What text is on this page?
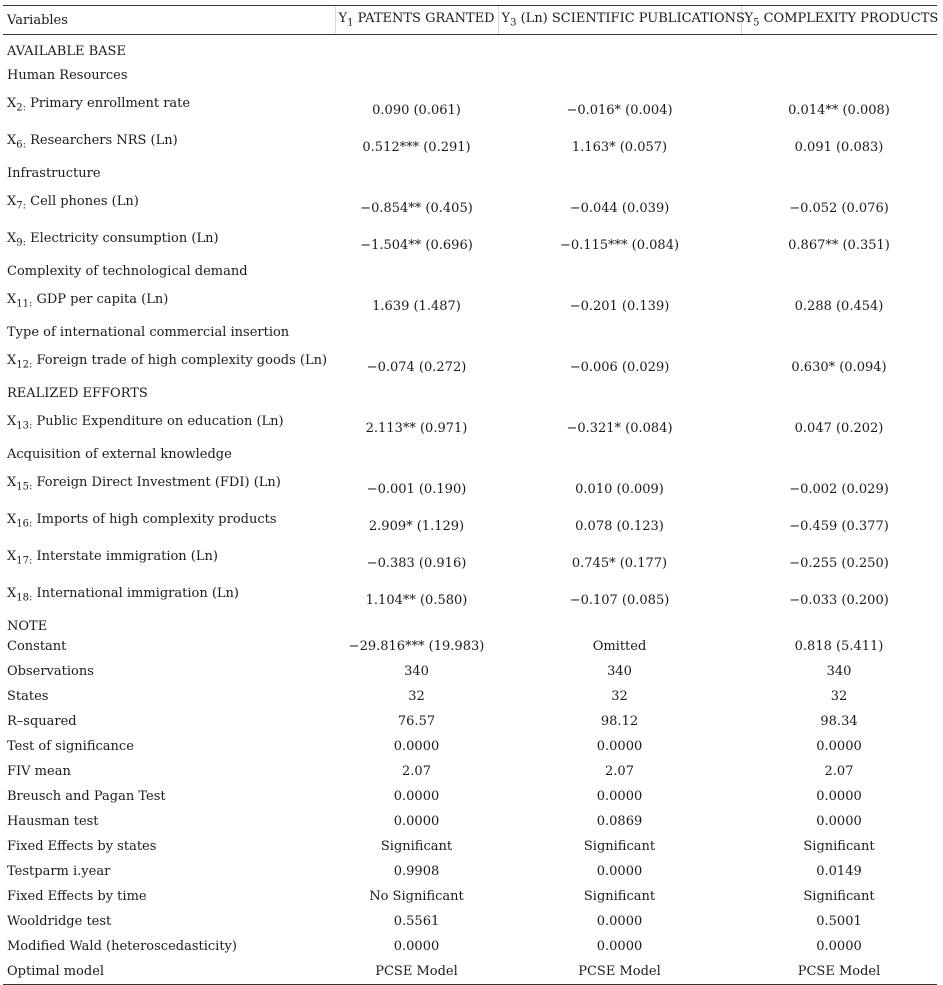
Variables	$Y_1$ PATENTS GRANTED	$Y_3$ (Ln) SCIENTIFIC PUBLICATIONS	$Y_5$ COMPLEXITY PRODUCTS
AVAILABLE BASE			
Human Resources			
$X_{2:}$ Primary enrollment rate	0.090 (0.061)	−0.016* (0.004)	0.014** (0.008)
$X_{6:}$ Researchers NRS (Ln)	0.512*** (0.291)	1.163* (0.057)	0.091 (0.083)
Infrastructure			
$X_{7:}$ Cell phones (Ln)	−0.854** (0.405)	−0.044 (0.039)	−0.052 (0.076)
$X_{9:}$ Electricity consumption (Ln)	−1.504** (0.696)	−0.115*** (0.084)	0.867** (0.351)
Complexity of technological demand			
$X_{11:}$ GDP per capita (Ln)	1.639 (1.487)	−0.201 (0.139)	0.288 (0.454)
Type of international commercial insertion			
$X_{12:}$ Foreign trade of high complexity goods (Ln)	−0.074 (0.272)	−0.006 (0.029)	0.630* (0.094)
REALIZED EFFORTS			
$X_{13:}$ Public Expenditure on education (Ln)	2.113** (0.971)	−0.321* (0.084)	0.047 (0.202)
Acquisition of external knowledge			
$X_{15:}$ Foreign Direct Investment (FDI) (Ln)	−0.001 (0.190)	0.010 (0.009)	−0.002 (0.029)
$X_{16:}$ Imports of high complexity products	2.909* (1.129)	0.078 (0.123)	−0.459 (0.377)
$X_{17:}$ Interstate immigration (Ln)	−0.383 (0.916)	0.745* (0.177)	−0.255 (0.250)
$X_{18:}$ International immigration (Ln)	1.104** (0.580)	−0.107 (0.085)	−0.033 (0.200)
NOTE			
Constant	−29.816*** (19.983)	Omitted	0.818 (5.411)
Observations	340	340	340
States	32	32	32
R–squared	76.57	98.12	98.34
Test of significance	0.0000	0.0000	0.0000
FIV mean	2.07	2.07	2.07
Breusch and Pagan Test	0.0000	0.0000	0.0000
Hausman test	0.0000	0.0869	0.0000
Fixed Effects by states	Significant	Significant	Significant
Testparm i.year	0.9908	0.0000	0.0149
Fixed Effects by time	No Significant	Significant	Significant
Wooldridge test	0.5561	0.0000	0.5001
Modified Wald (heteroscedasticity)	0.0000	0.0000	0.0000
Optimal model	PCSE Model	PCSE Model	PCSE Model
